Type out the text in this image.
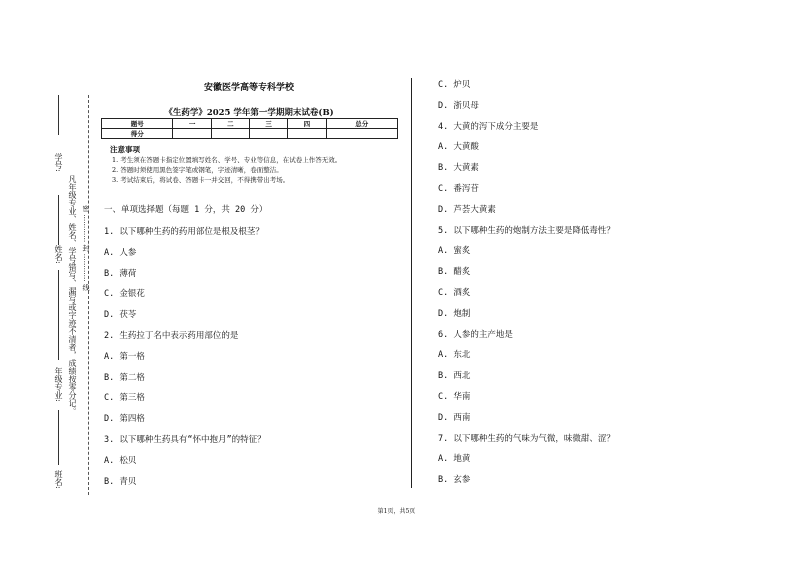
学号:
姓名:
年级专业:
班名:
凡年级专业、姓名、学号错写、漏写或字迹不清者，成绩按零分记。 密 ………… 封 ………… 线
安徽医学高等专科学校
《生药学》2025 学年第一学期期末试卷(B)
题号	一	二	三	四	总分
得分					
注意事项
1. 考生须在答题卡指定位置填写姓名、学号、专业等信息，在试卷上作答无效。
2. 答题时须使用黑色签字笔或钢笔，字迹清晰，卷面整洁。
3. 考试结束后，将试卷、答题卡一并交回，不得携带出考场。
一、单项选择题（每题 1 分，共 20 分）
1. 以下哪种生药的药用部位是根及根茎？
A. 人参
B. 薄荷
C. 金银花
D. 茯苓
2. 生药拉丁名中表示药用部位的是
A. 第一格
B. 第二格
C. 第三格
D. 第四格
3. 以下哪种生药具有“怀中抱月”的特征？
A. 松贝
B. 青贝
C. 炉贝
D. 浙贝母
4. 大黄的泻下成分主要是
A. 大黄酸
B. 大黄素
C. 番泻苷
D. 芦荟大黄素
5. 以下哪种生药的炮制方法主要是降低毒性？
A. 蜜炙
B. 醋炙
C. 酒炙
D. 炮制
6. 人参的主产地是
A. 东北
B. 西北
C. 华南
D. 西南
7. 以下哪种生药的气味为气微，味微甜、涩？
A. 地黄
B. 玄参
第1页，共5页
